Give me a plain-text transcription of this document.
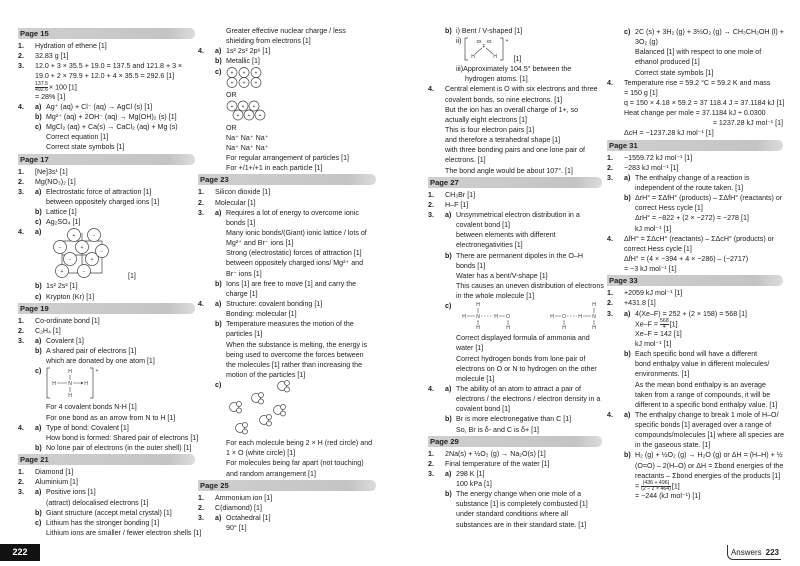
Page 15
1.	Hydration of ethene [1]
2.	32.83 g [1]
3.	12.0 + 3 × 35.5 + 19.0 = 137.5 and 121.8 + 3 ×
19.0 + 2 × 79.9 + 12.0 + 4 × 35.5 = 292.6 [1]
$\frac{137.5}{492.6} \times 100$ [1]
= 28% [1]
4.	a) Ag⁺ (aq) + Cl⁻ (aq) → AgCl (s) [1]
b) Mg²⁺ (aq) + 2OH⁻ (aq) → Mg(OH)₂ (s) [1]
c) MgCl₂ (aq) + Ca(s) → CaCl₂ (aq) + Mg (s)
Correct equation [1]
Correct state symbols [1]
Page 17
1.	[Ne]3s¹ [1]
2.	Mg(NO₃)₂ [1]
3.	a) Electrostatic force of attraction [1]
between oppositely charged ions [1]
b) Lattice [1]
c) Ag₂SO₄ [1]
4.	a)	+	−
−	+
−	+
+	−
−
[1]
b) 1s² 2s² [1]
c) Krypton (Kr) [1]
Page 19
1.	Co-ordinate bond [1]
2.	C₂H₄ [1]
3.	a) Covalent [1]
b) A shared pair of electrons [1]
which are donated by one atom [1]
c)	H
H
H N H
+
For 4 covalent bonds N-H [1]
For one bond as an arrow from N to H [1]
4.	a) Type of bond: Covalent [1]
How bond is formed: Shared pair of electrons [1]
b) No lone pair of electrons (in the outer shell) [1]
Page 21
1.	Diamond [1]
2.	Aluminium [1]
3.	a) Positive ions [1]
(attract) delocalised electrons [1]
b) Giant structure (accept metal crystal) [1]
c) Lithium has the stronger bonding [1]
Lithium ions are smaller / fewer electron shells [1]
Greater effective nuclear charge / less
shielding from electrons [1]
4.	a) 1s² 2s² 2p⁶ [1]
b) Metallic [1]
c)	+
+
+
+
+
+
OR
+
+
+
+
+
+
OR
Na⁺ Na⁺ Na⁺
Na⁺ Na⁺ Na⁺
For regular arrangement of particles [1]
For +/1+/+1 in each particle [1]
Page 23
1.	Silicon dioxide [1]
2.	Molecular [1]
3.	a) Requires a lot of energy to overcome ionic
bonds [1]
Many ionic bonds/(Giant) ionic lattice / lots of
Mg²⁺ and Br⁻ ions [1]
Strong (electrostatic) forces of attraction [1]
between oppositely charged ions/ Mg²⁺ and
Br⁻ ions [1]
b) Ions [1] are free to move [1] and carry the
charge [1]
4.	a) Structure: covalent bonding [1]
Bonding: molecular [1]
b) Temperature measures the motion of the
particles [1]
When the substance is melting, the energy is
being used to overcome the forces between
the molecules [1] rather than increasing the
motion of the particles [1]
c)
For each molecule being 2 × H (red circle) and
1 × O (white circle) [1]
For molecules being far apart (not touching)
and random arrangement [1]
Page 25
1.	Ammonium ion [1]
2.	C(diamond) [1]
3.	a) Octahedral [1]
90° [1]
b) i) Bent / V-shaped [1]
ii)	xx xx
F
H	H
+
[1]
iii)Approximately 104.5° between the
hydrogen atoms. [1]
4.	Central element is O with six electrons and three
covalent bonds, so nine electrons. [1]
But the ion has an overall charge of 1+, so
actually eight electrons [1]
This is four electron pairs [1]
and therefore a tetrahedral shape [1]
with three bonding pairs and one lone pair of
electrons. [1]
The bond angle would be about 107°. [1]
Page 27
1.	CH₃Br [1]
2.	H–F [1]
3.	a) Unsymmetrical electron distribution in a
covalent bond [1]
between elements with different
electronegativities [1]
b) There are permanent dipoles in the O–H
bonds [1]
Water has a bent/V-shape [1]
This causes an uneven distribution of electrons
in the whole molecule [1]
c)	H
H
H N	H O
H
H O
H
H N
H
H
Correct displayed formula of ammonia and
water [1]
Correct hydrogen bonds from lone pair of
electrons on O or N to hydrogen on the other
molecule [1]
4.	a) The ability of an atom to attract a pair of
electrons / the electrons / electron density in a
covalent bond [1]
b) Br is more electronegative than C [1]
So, Br is δ- and C is δ+ [1]
Page 29
1.	2Na(s) + ½O₂ (g) → Na₂O(s) [1]
2.	Final temperature of the water [1]
3.	a) 298 K [1]
100 kPa [1]
b) The energy change when one mole of a
substance [1] is completely combusted [1]
under standard conditions where all
substances are in their standard state. [1]
c) 2C (s) + 3H₂ (g) + 3½O₂ (g) → CH₃CH₂OH (l) +
3O₂ (g)
Balanced [1] with respect to one mole of
ethanol produced [1]
Correct state symbols [1]
4.	Temperature rise = 59.2 °C = 59.2 K and mass
= 150 g [1]
q = 150 × 4.18 × 59.2 = 37 118.4 J = 37.1184 kJ [1]
Heat change per mole = 37.1184 kJ ÷ 0.0300
= 1237.28 kJ mol⁻¹ [1]
ΔcH = −1237.28 kJ mol⁻¹ [1]
Page 31
1.	−1559.72 kJ mol⁻¹ [1]
2.	−283 kJ mol⁻¹ [1]
3.	a) The enthalpy change of a reaction is
independent of the route taken. [1]
b) ΔrH° = ΣΔfH° (products) – ΣΔfH° (reactants) or
correct Hess cycle [1]
ΔrH° = −822 + (2 × −272) = −278 [1]
kJ mol⁻¹ [1]
4.	ΔfH° = ΣΔcH° (reactants) – ΣΔcH° (products) or
correct Hess cycle [1]
ΔfH° = (4 × −394 + 4 × −286) – (−2717)
= −3 kJ mol⁻¹ [1]
Page 33
1.	+2059 kJ mol⁻¹ [1]
2.	+431.8 [1]
3.	a) 4(Xe–F) = 252 + (2 × 158) = 568 [1]
$Xe-F = \frac{568}{4} [1]$
Xe–F = 142 [1]
kJ mol⁻¹ [1]
b) Each specific bond will have a different
bond enthalpy value in different molecules/
environments. [1]
As the mean bond enthalpy is an average
taken from a range of compounds, it will be
different to a specific bond enthalpy value. [1]
4.	a) The enthalpy change to break 1 mole of H–O/
specific bonds [1] averaged over a range of
compounds/molecules [1] where all species are
in the gaseous state. [1]
b) H₂ (g) + ½O₂ (g) → H₂O (g) or ΔH = (H–H) + ½
(O=O) – 2(H–O) or ΔH = Σbond energies of the
reactants – Σbond energies of the products [1]
= $\frac{(436 + 496)}{(2 - 2 \times 464)} [1]$
= −244 (kJ mol⁻¹) [1]
222	Answers 223
